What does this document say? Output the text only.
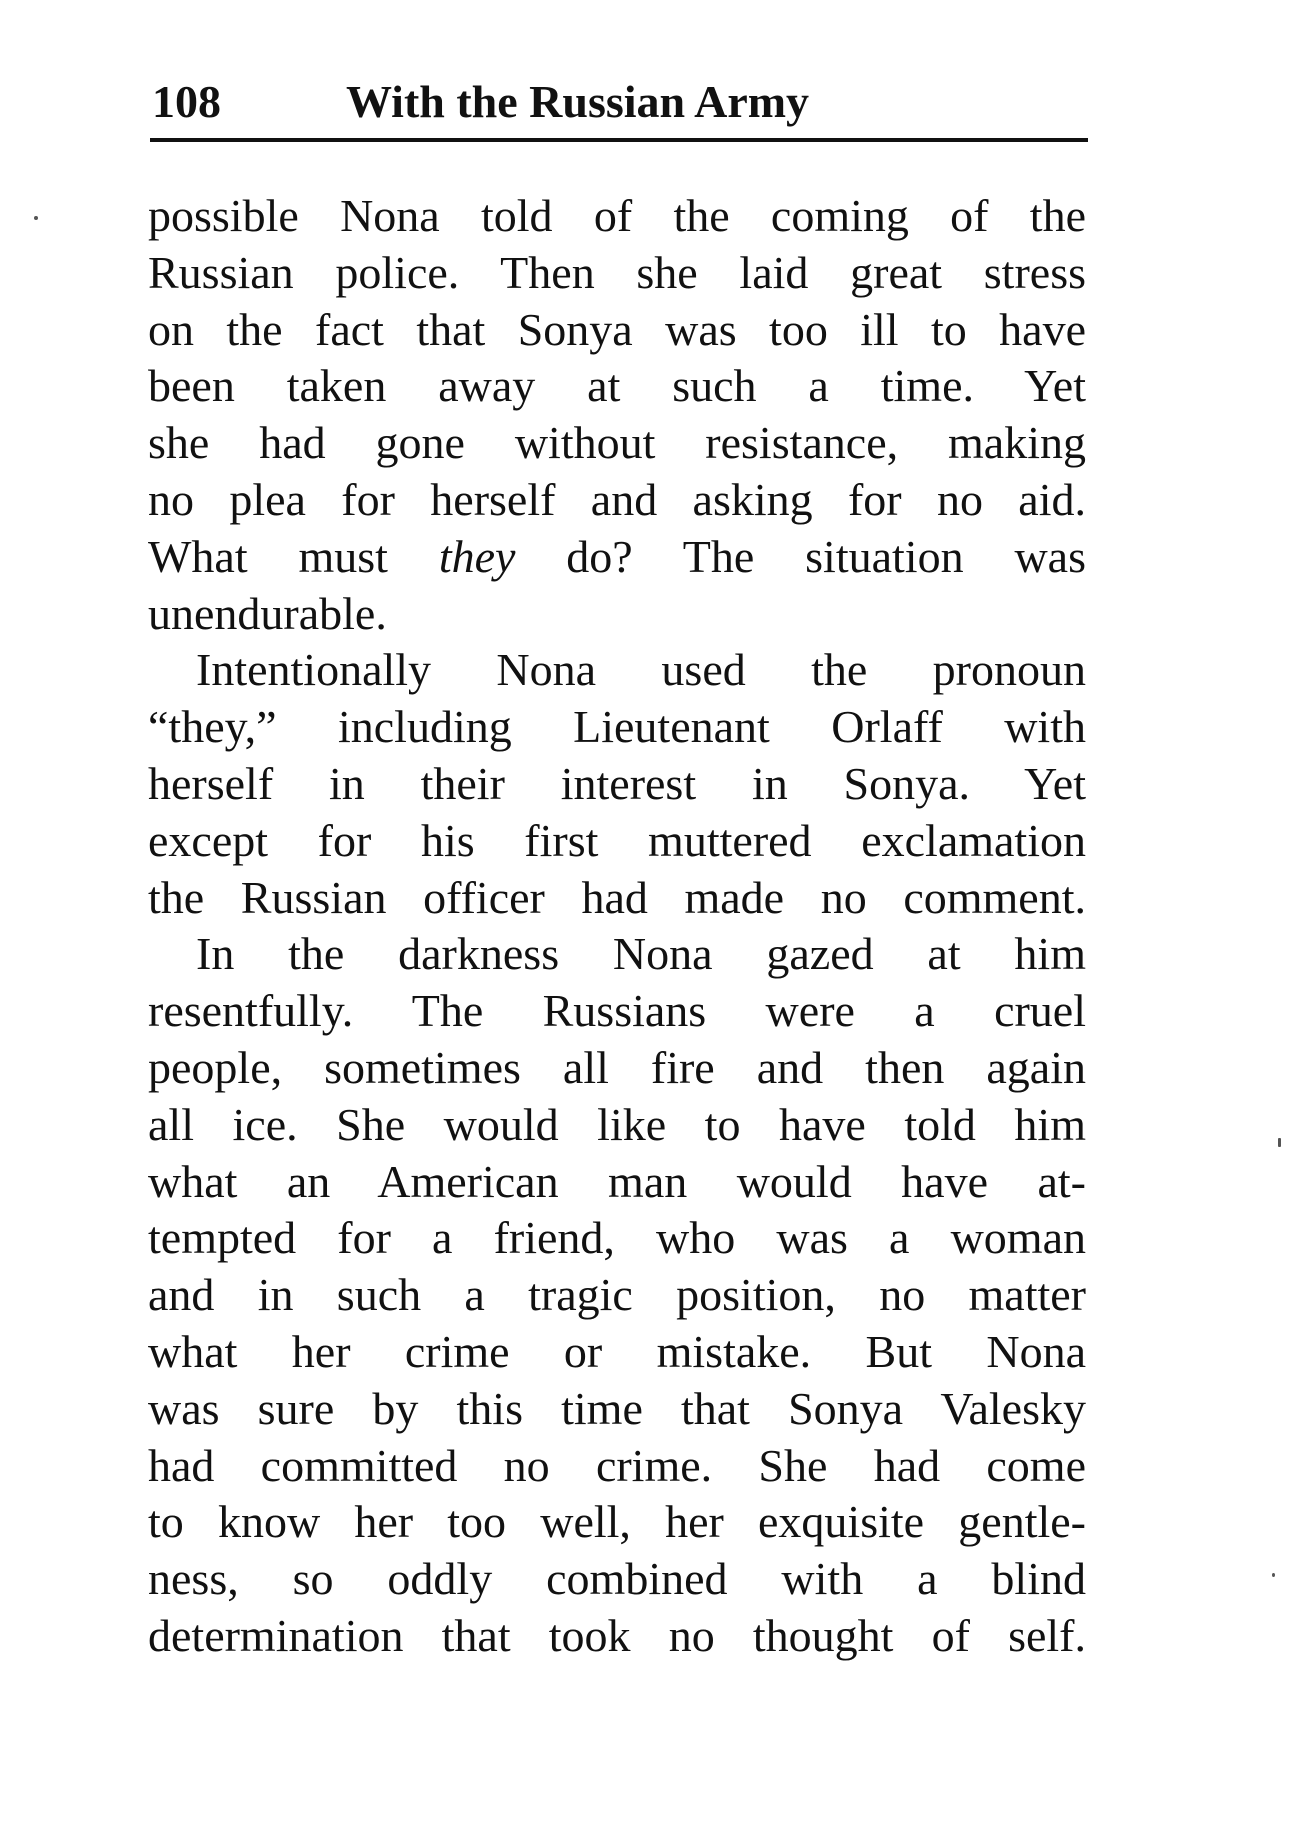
108	With the Russian Army
possible Nona told of the coming of the
Russian police. Then she laid great stress
on the fact that Sonya was too ill to have
been taken away at such a time. Yet
she had gone without resistance, making
no plea for herself and asking for no aid.
What must they do? The situation was
unendurable.
Intentionally Nona used the pronoun
“they,” including Lieutenant Orlaff with
herself in their interest in Sonya. Yet
except for his first muttered exclamation
the Russian officer had made no comment.
In the darkness Nona gazed at him
resentfully. The Russians were a cruel
people, sometimes all fire and then again
all ice. She would like to have told him
what an American man would have at-
tempted for a friend, who was a woman
and in such a tragic position, no matter
what her crime or mistake. But Nona
was sure by this time that Sonya Valesky
had committed no crime. She had come
to know her too well, her exquisite gentle-
ness, so oddly combined with a blind
determination that took no thought of self.
